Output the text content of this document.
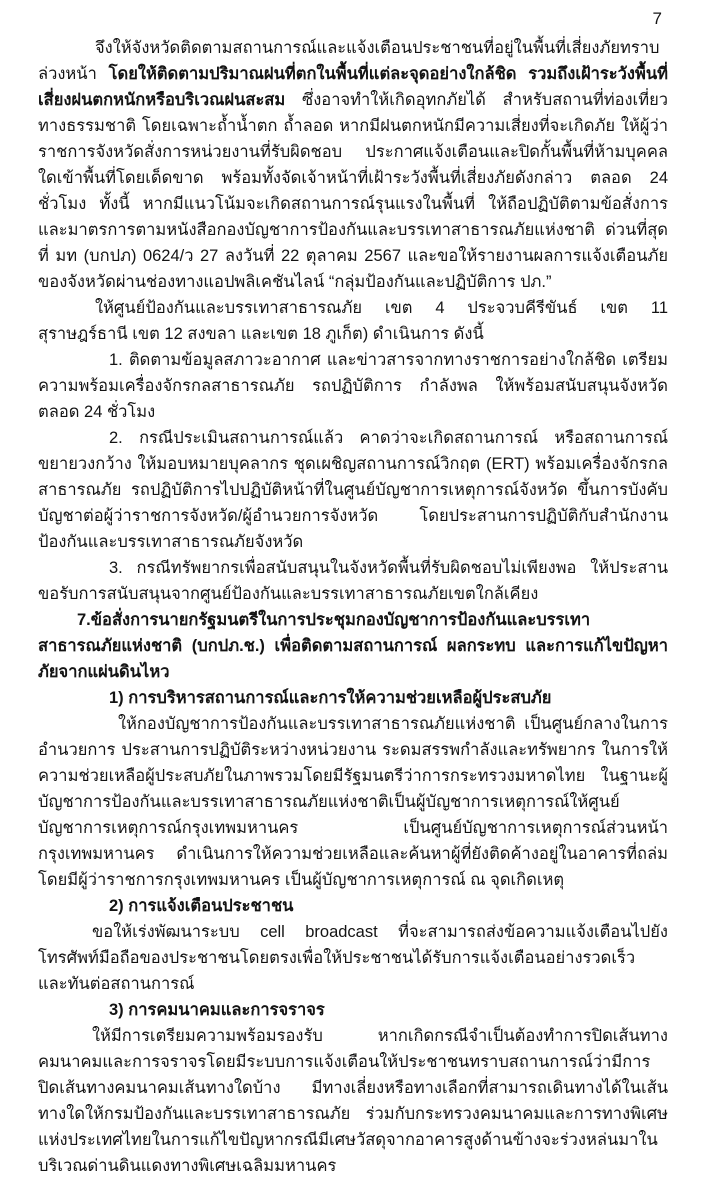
7

จึงให้จังหวัดติดตามสถานการณ์และแจ้งเตือนประชาชนที่อยู่ในพื้นที่เสี่ยงภัยทราบล่วงหน้า โดยให้ติดตามปริมาณฝนที่ตกในพื้นที่แต่ละจุดอย่างใกล้ชิด รวมถึงเฝ้าระวังพื้นที่เสี่ยงฝนตกหนักหรือบริเวณฝนสะสม ซึ่งอาจทำให้เกิดอุทกภัยได้ สำหรับสถานที่ท่องเที่ยวทางธรรมชาติ โดยเฉพาะถ้ำน้ำตก ถ้ำลอด หากมีฝนตกหนักมีความเสี่ยงที่จะเกิดภัย ให้ผู้ว่าราชการจังหวัดสั่งการหน่วยงานที่รับผิดชอบ ประกาศแจ้งเตือนและปิดกั้นพื้นที่ห้ามบุคคลใดเข้าพื้นที่โดยเด็ดขาด พร้อมทั้งจัดเจ้าหน้าที่เฝ้าระวังพื้นที่เสี่ยงภัยดังกล่าว ตลอด 24 ชั่วโมง ทั้งนี้ หากมีแนวโน้มจะเกิดสถานการณ์รุนแรงในพื้นที่ ให้ถือปฏิบัติตามข้อสั่งการและมาตรการตามหนังสือกองบัญชาการป้องกันและบรรเทาสาธารณภัยแห่งชาติ ด่วนที่สุด ที่ มท (บกปภ) 0624/ว 27 ลงวันที่ 22 ตุลาคม 2567 และขอให้รายงานผลการแจ้งเตือนภัยของจังหวัดผ่านช่องทางแอปพลิเคชันไลน์ “กลุ่มป้องกันและปฏิบัติการ ปภ.”

ให้ศูนย์ป้องกันและบรรเทาสาธารณภัย เขต 4 ประจวบคีรีขันธ์ เขต 11 สุราษฎร์ธานี เขต 12 สงขลา และเขต 18 ภูเก็ต) ดำเนินการ ดังนี้

1. ติดตามข้อมูลสภาวะอากาศ และข่าวสารจากทางราชการอย่างใกล้ชิด เตรียมความพร้อมเครื่องจักรกลสาธารณภัย รถปฏิบัติการ กำลังพล ให้พร้อมสนับสนุนจังหวัดตลอด 24 ชั่วโมง

2. กรณีประเมินสถานการณ์แล้ว คาดว่าจะเกิดสถานการณ์ หรือสถานการณ์ขยายวงกว้าง ให้มอบหมายบุคลากร ชุดเผชิญสถานการณ์วิกฤต (ERT) พร้อมเครื่องจักรกลสาธารณภัย รถปฏิบัติการไปปฏิบัติหน้าที่ในศูนย์บัญชาการเหตุการณ์จังหวัด ขึ้นการบังคับบัญชาต่อผู้ว่าราชการจังหวัด/ผู้อำนวยการจังหวัด โดยประสานการปฏิบัติกับสำนักงานป้องกันและบรรเทาสาธารณภัยจังหวัด

3. กรณีทรัพยากรเพื่อสนับสนุนในจังหวัดพื้นที่รับผิดชอบไม่เพียงพอ ให้ประสานขอรับการสนับสนุนจากศูนย์ป้องกันและบรรเทาสาธารณภัยเขตใกล้เคียง

7.ข้อสั่งการนายกรัฐมนตรีในการประชุมกองบัญชาการป้องกันและบรรเทาสาธารณภัยแห่งชาติ (บกปภ.ช.) เพื่อติดตามสถานการณ์ ผลกระทบ และการแก้ไขปัญหาภัยจากแผ่นดินไหว

1) การบริหารสถานการณ์และการให้ความช่วยเหลือผู้ประสบภัย

ให้กองบัญชาการป้องกันและบรรเทาสาธารณภัยแห่งชาติ เป็นศูนย์กลางในการอำนวยการ ประสานการปฏิบัติระหว่างหน่วยงาน ระดมสรรพกำลังและทรัพยากร ในการให้ความช่วยเหลือผู้ประสบภัยในภาพรวมโดยมีรัฐมนตรีว่าการกระทรวงมหาดไทย ในฐานะผู้บัญชาการป้องกันและบรรเทาสาธารณภัยแห่งชาติเป็นผู้บัญชาการเหตุการณ์ให้ศูนย์บัญชาการเหตุการณ์กรุงเทพมหานคร เป็นศูนย์บัญชาการเหตุการณ์ส่วนหน้ากรุงเทพมหานคร ดำเนินการให้ความช่วยเหลือและค้นหาผู้ที่ยังติดค้างอยู่ในอาคารที่ถล่ม โดยมีผู้ว่าราชการกรุงเทพมหานคร เป็นผู้บัญชาการเหตุการณ์ ณ จุดเกิดเหตุ

2) การแจ้งเตือนประชาชน

ขอให้เร่งพัฒนาระบบ cell broadcast ที่จะสามารถส่งข้อความแจ้งเตือนไปยังโทรศัพท์มือถือของประชาชนโดยตรงเพื่อให้ประชาชนได้รับการแจ้งเตือนอย่างรวดเร็ว และทันต่อสถานการณ์

3) การคมนาคมและการจราจร

ให้มีการเตรียมความพร้อมรองรับ หากเกิดกรณีจำเป็นต้องทำการปิดเส้นทางคมนาคมและการจราจรโดยมีระบบการแจ้งเตือนให้ประชาชนทราบสถานการณ์ว่ามีการปิดเส้นทางคมนาคมเส้นทางใดบ้าง มีทางเลี่ยงหรือทางเลือกที่สามารถเดินทางได้ในเส้นทางใดให้กรมป้องกันและบรรเทาสาธารณภัย ร่วมกับกระทรวงคมนาคมและการทางพิเศษแห่งประเทศไทยในการแก้ไขปัญหากรณีมีเศษวัสดุจากอาคารสูงด้านข้างจะร่วงหล่นมาในบริเวณด่านดินแดงทางพิเศษเฉลิมมหานคร
